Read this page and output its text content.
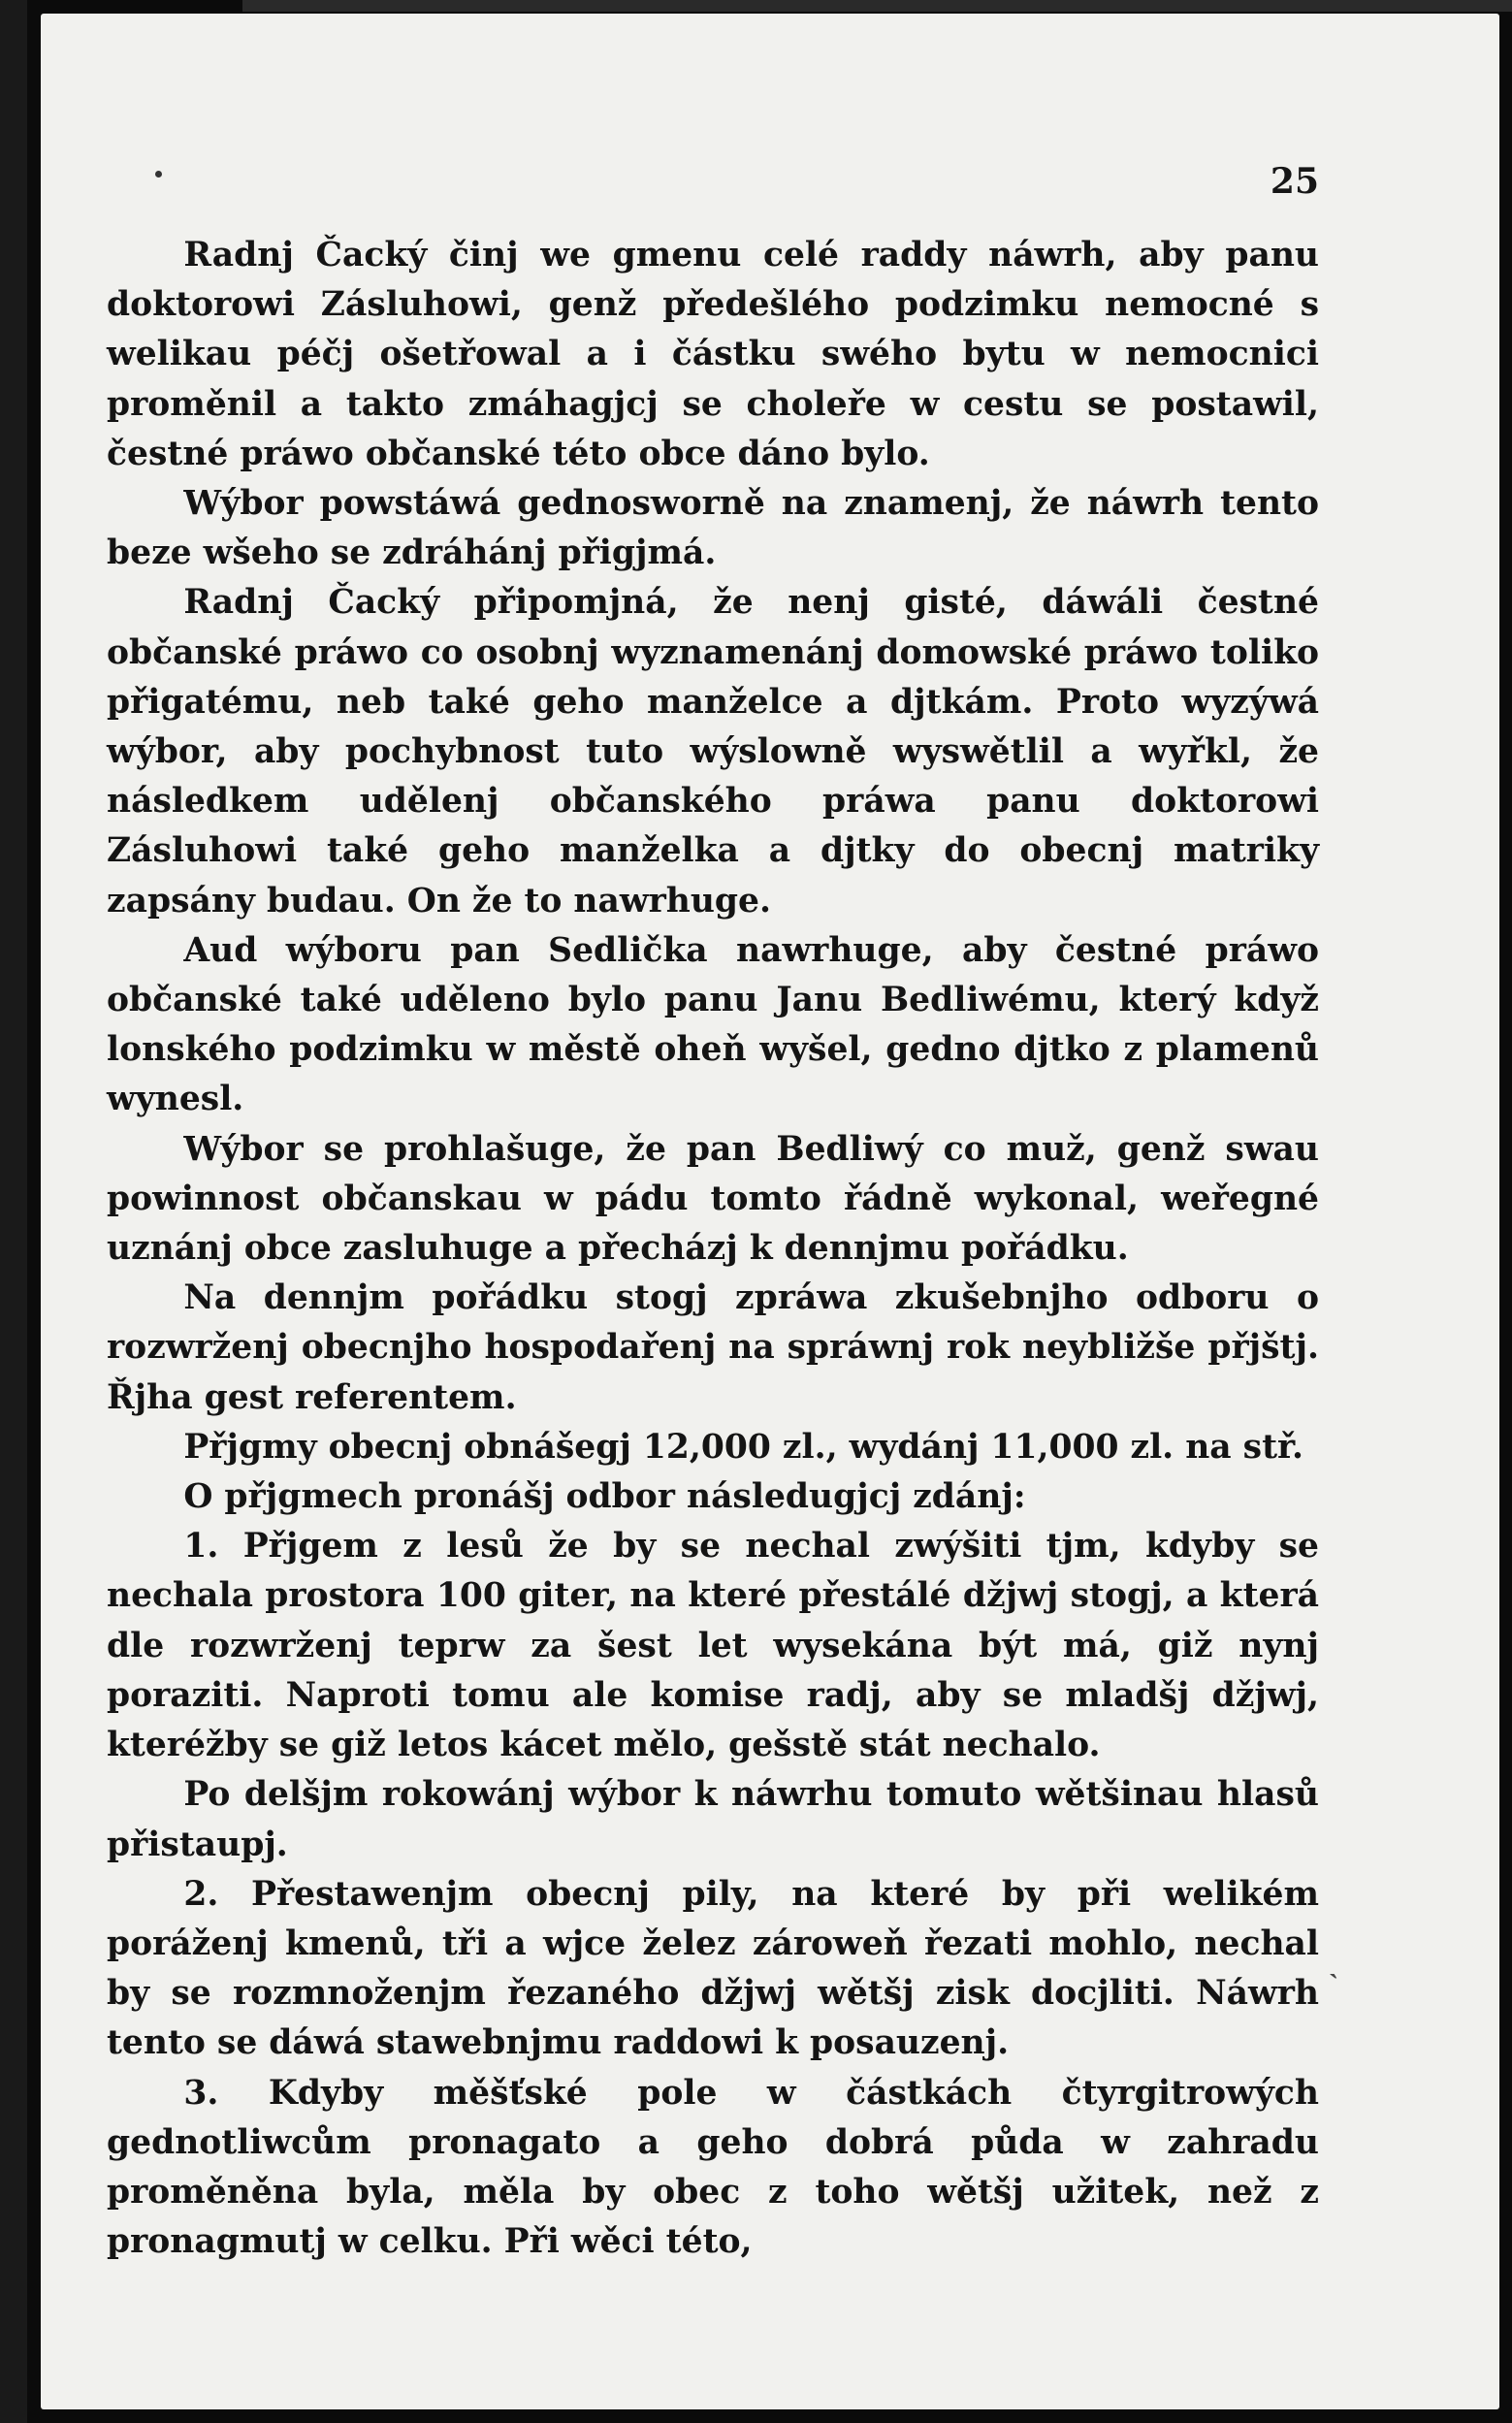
25

Radnj Čacký činj we gmenu celé raddy náwrh, aby panu doktorowi Zásluhowi, genž předešlého podzimku nemocné s welikau péčj ošetřowal a i částku swého bytu w nemocnici proměnil a takto zmáhagjcj se choleře w cestu se postawil, čestné práwo občanské této obce dáno bylo.

Wýbor powstáwá gednosworně na znamenj, že náwrh tento beze wšeho se zdráhánj přigjmá.

Radnj Čacký připomjná, že nenj gisté, dáwáli čestné občanské práwo co osobnj wyznamenánj domowské práwo toliko přigatému, neb také geho manželce a djtkám. Proto wyzýwá wýbor, aby pochybnost tuto wýslowně wyswětlil a wyřkl, že následkem udělenj občanského práwa panu doktorowi Zásluhowi také geho manželka a djtky do obecnj matriky zapsány budau. On že to nawrhuge.

Aud wýboru pan Sedlička nawrhuge, aby čestné práwo občanské také uděleno bylo panu Janu Bedliwému, který když lonského podzimku w městě oheň wyšel, gedno djtko z plamenů wynesl.

Wýbor se prohlašuge, že pan Bedliwý co muž, genž swau powinnost občanskau w pádu tomto řádně wykonal, weřegné uznánj obce zasluhuge a přecházj k dennjmu pořádku.

Na dennjm pořádku stogj zpráwa zkušebnjho odboru o rozwrženj obecnjho hospodařenj na spráwnj rok neybližše přjštj. Řjha gest referentem.

Přjgmy obecnj obnášegj 12,000 zl., wydánj 11,000 zl. na stř.

O přjgmech pronášj odbor následugjcj zdánj:

1. Přjgem z lesů že by se nechal zwýšiti tjm, kdyby se nechala prostora 100 giter, na které přestálé džjwj stogj, a která dle rozwrženj teprw za šest let wysekána být má, giž nynj poraziti. Naproti tomu ale komise radj, aby se mladšj džjwj, kteréžby se giž letos kácet mělo, gešstě stát nechalo.

Po delšjm rokowánj wýbor k náwrhu tomuto wětšinau hlasů přistaupj.

2. Přestawenjm obecnj pily, na které by při welikém poráženj kmenů, tři a wjce želez zároweň řezati mohlo, nechal by se rozmnoženjm řezaného džjwj wětšj zisk docjliti. Náwrh tento se dáwá stawebnjmu raddowi k posauzenj.

3. Kdyby měšťské pole w částkách čtyrgitrowých gednotliwcům pronagato a geho dobrá půda w zahradu proměněna byla, měla by obec z toho wětšj užitek, než z pronagmutj w celku. Při wěci této,

ˎ
